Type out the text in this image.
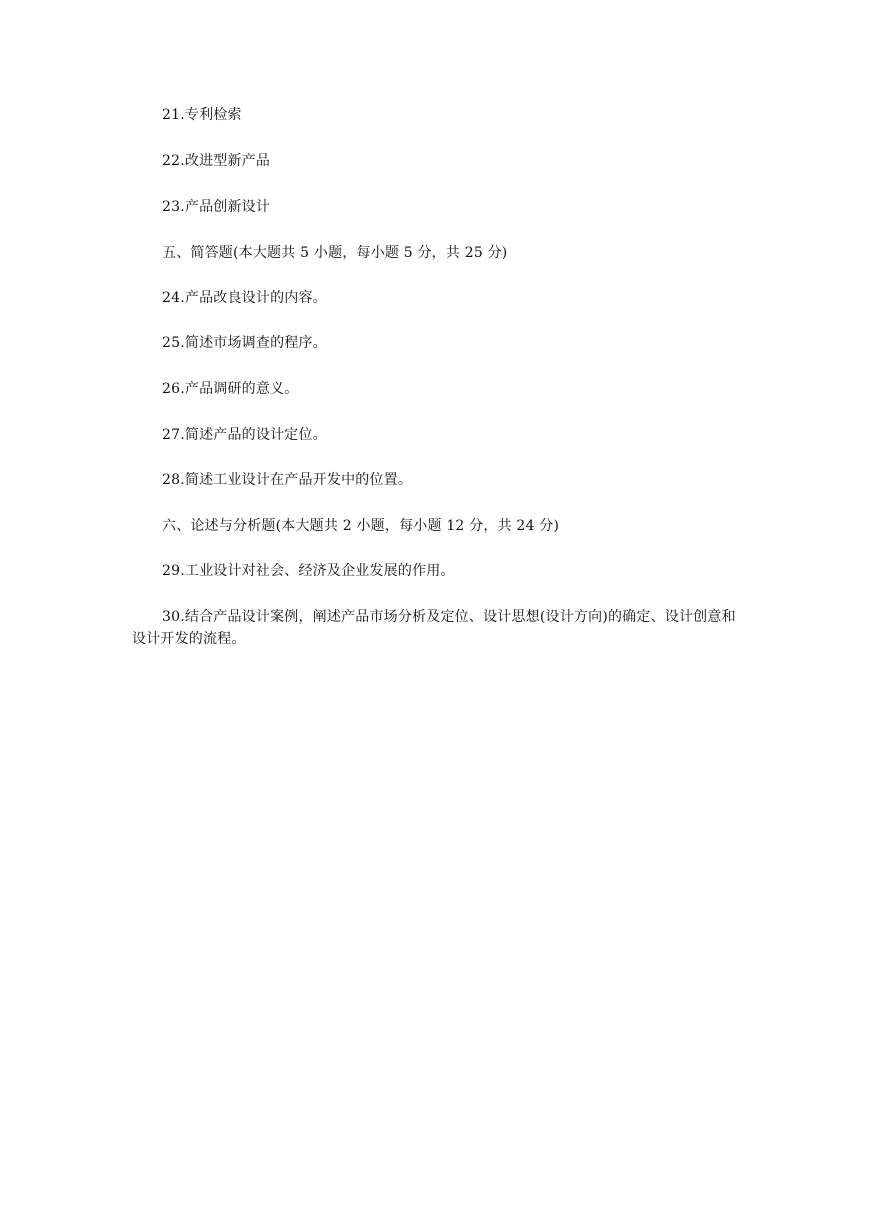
21.专利检索
22.改进型新产品
23.产品创新设计
五、简答题(本大题共 5 小题，每小题 5 分，共 25 分)
24.产品改良设计的内容。
25.简述市场调查的程序。
26.产品调研的意义。
27.简述产品的设计定位。
28.简述工业设计在产品开发中的位置。
六、论述与分析题(本大题共 2 小题，每小题 12 分，共 24 分)
29.工业设计对社会、经济及企业发展的作用。
30.结合产品设计案例，阐述产品市场分析及定位、设计思想(设计方向)的确定、设计创意和设计开发的流程。
